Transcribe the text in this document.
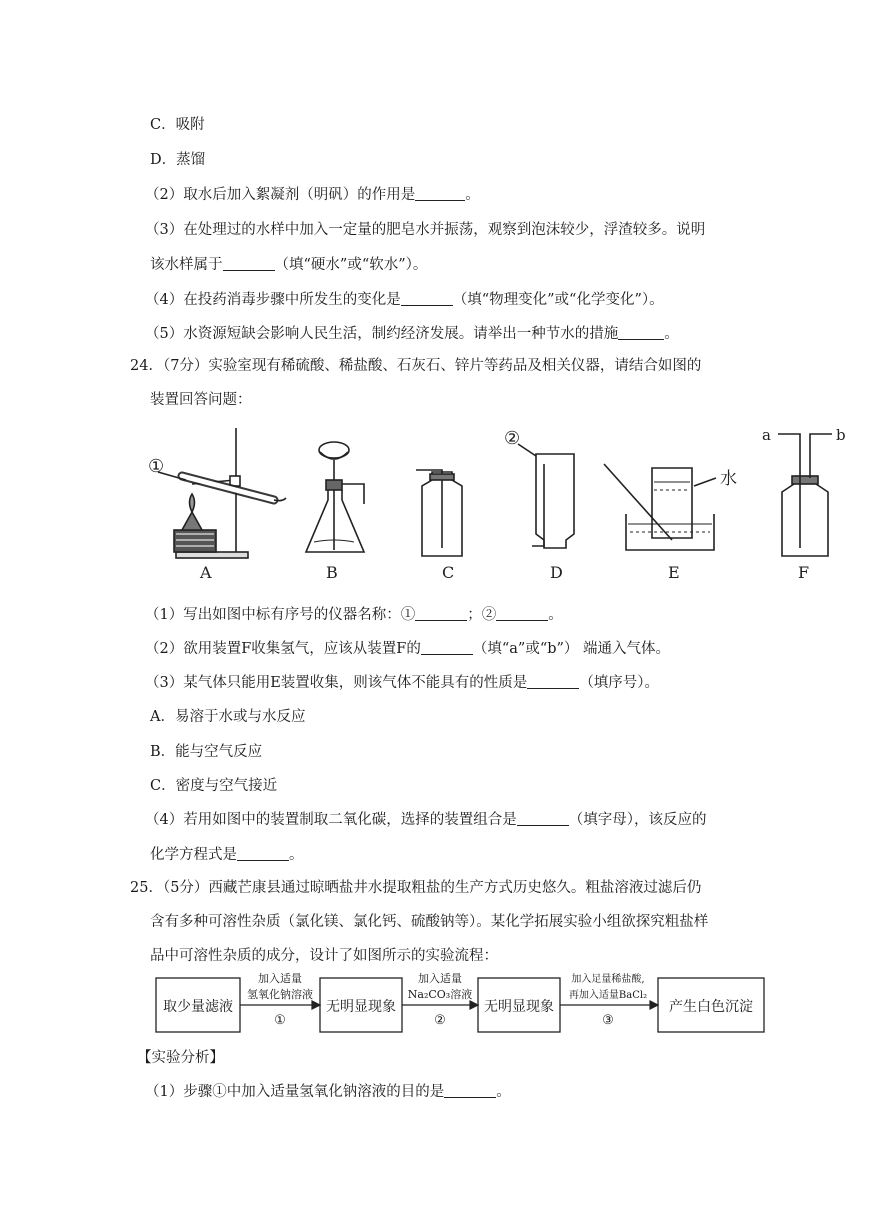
C．吸附
D．蒸馏
（2）取水后加入絮凝剂（明矾）的作用是	。
（3）在处理过的水样中加入一定量的肥皂水并振荡，观察到泡沫较少，浮渣较多。说明
该水样属于	（填“硬水”或“软水”）。
（4）在投药消毒步骤中所发生的变化是	（填“物理变化”或“化学变化”）。
（5）水资源短缺会影响人民生活，制约经济发展。请举出一种节水的措施	。
24．（7分）实验室现有稀硫酸、稀盐酸、石灰石、锌片等药品及相关仪器，请结合如图的
装置回答问题：
①
A	B	C
②
D
水
E
a	b
F
（1）写出如图中标有序号的仪器名称：①	；②	。
（2）欲用装置F收集氢气，应该从装置F的	（填“a”或“b”） 端通入气体。
（3）某气体只能用E装置收集，则该气体不能具有的性质是	（填序号）。
A．易溶于水或与水反应
B．能与空气反应
C．密度与空气接近
（4）若用如图中的装置制取二氧化碳，选择的装置组合是	（填字母），该反应的
化学方程式是	。
25．（5分）西藏芒康县通过晾晒盐井水提取粗盐的生产方式历史悠久。粗盐溶液过滤后仍
含有多种可溶性杂质（氯化镁、氯化钙、硫酸钠等）。某化学拓展实验小组欲探究粗盐样
品中可溶性杂质的成分，设计了如图所示的实验流程：
取少量滤液	无明显现象	无明显现象	产生白色沉淀
加入适量
氢氧化钠溶液
①
加入适量
Na₂CO₃溶液
②
加入足量稀盐酸,
再加入适量BaCl₂
③
【实验分析】
（1）步骤①中加入适量氢氧化钠溶液的目的是	。
